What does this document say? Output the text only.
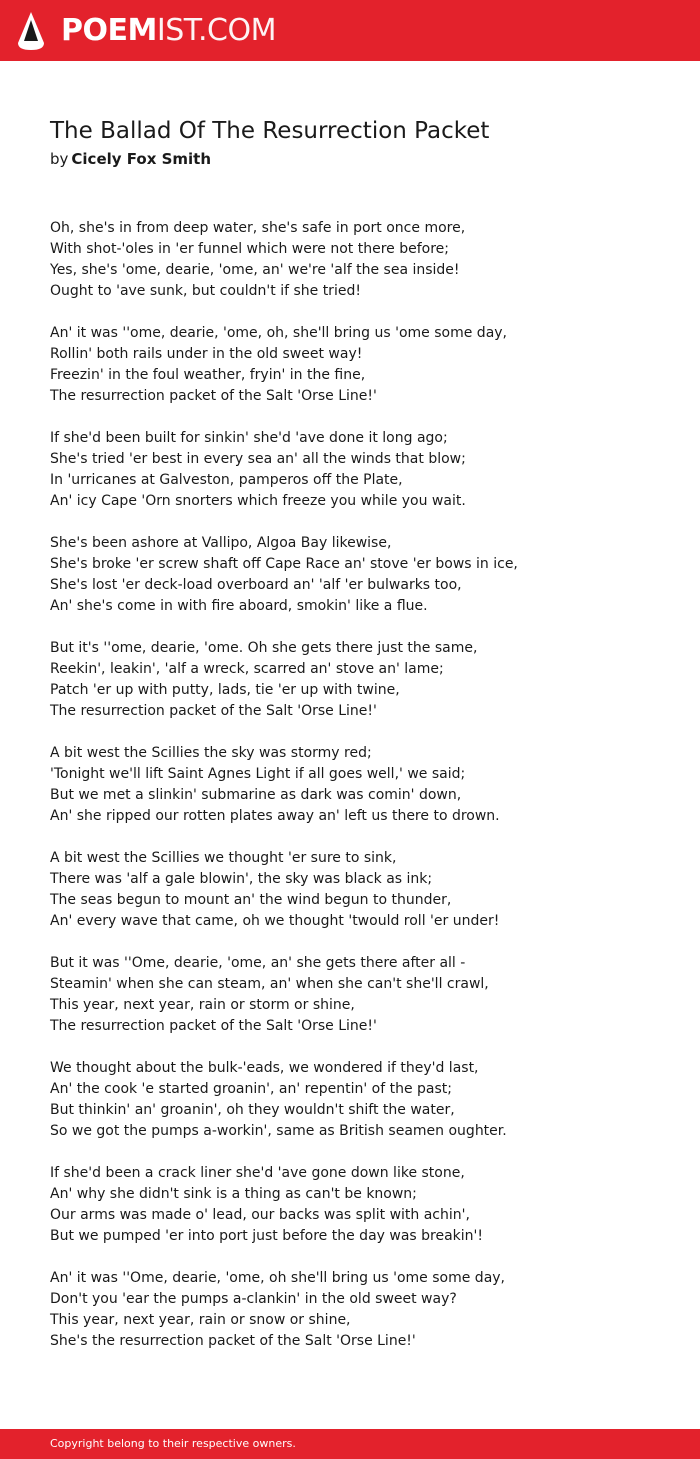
POEM IST.COM
The Ballad Of The Resurrection Packet
by Cicely Fox Smith
Oh, she's in from deep water, she's safe in port once more,
With shot-'oles in 'er funnel which were not there before;
Yes, she's 'ome, dearie, 'ome, an' we're 'alf the sea inside!
Ought to 'ave sunk, but couldn't if she tried!
An' it was ''ome, dearie, 'ome, oh, she'll bring us 'ome some day,
Rollin' both rails under in the old sweet way!
Freezin' in the foul weather, fryin' in the fine,
The resurrection packet of the Salt 'Orse Line!'
If she'd been built for sinkin' she'd 'ave done it long ago;
She's tried 'er best in every sea an' all the winds that blow;
In 'urricanes at Galveston, pamperos off the Plate,
An' icy Cape 'Orn snorters which freeze you while you wait.
She's been ashore at Vallipo, Algoa Bay likewise,
She's broke 'er screw shaft off Cape Race an' stove 'er bows in ice,
She's lost 'er deck-load overboard an' 'alf 'er bulwarks too,
An' she's come in with fire aboard, smokin' like a flue.
But it's ''ome, dearie, 'ome. Oh she gets there just the same,
Reekin', leakin', 'alf a wreck, scarred an' stove an' lame;
Patch 'er up with putty, lads, tie 'er up with twine,
The resurrection packet of the Salt 'Orse Line!'
A bit west the Scillies the sky was stormy red;
'Tonight we'll lift Saint Agnes Light if all goes well,' we said;
But we met a slinkin' submarine as dark was comin' down,
An' she ripped our rotten plates away an' left us there to drown.
A bit west the Scillies we thought 'er sure to sink,
There was 'alf a gale blowin', the sky was black as ink;
The seas begun to mount an' the wind begun to thunder,
An' every wave that came, oh we thought 'twould roll 'er under!
But it was ''Ome, dearie, 'ome, an' she gets there after all -
Steamin' when she can steam, an' when she can't she'll crawl,
This year, next year, rain or storm or shine,
The resurrection packet of the Salt 'Orse Line!'
We thought about the bulk-'eads, we wondered if they'd last,
An' the cook 'e started groanin', an' repentin' of the past;
But thinkin' an' groanin', oh they wouldn't shift the water,
So we got the pumps a-workin', same as British seamen oughter.
If she'd been a crack liner she'd 'ave gone down like stone,
An' why she didn't sink is a thing as can't be known;
Our arms was made o' lead, our backs was split with achin',
But we pumped 'er into port just before the day was breakin'!
An' it was ''Ome, dearie, 'ome, oh she'll bring us 'ome some day,
Don't you 'ear the pumps a-clankin' in the old sweet way?
This year, next year, rain or snow or shine,
She's the resurrection packet of the Salt 'Orse Line!'
Copyright belong to their respective owners.
